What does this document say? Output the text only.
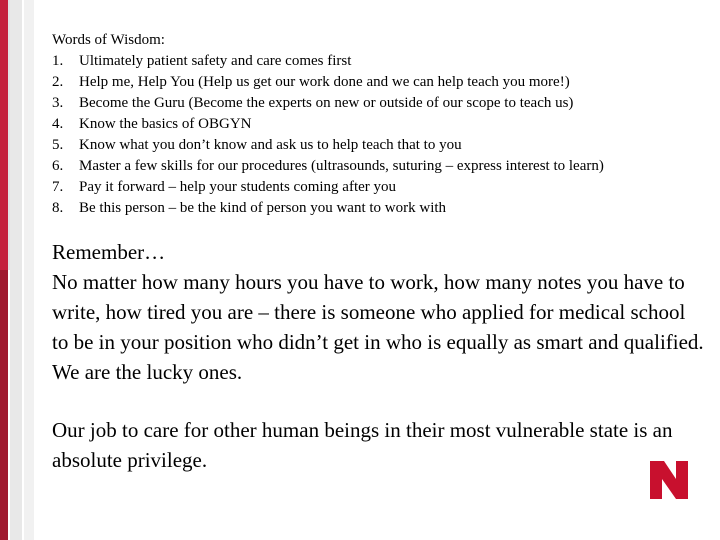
Words of Wisdom:
1.	Ultimately patient safety and care comes first
2.	Help me, Help You (Help us get our work done and we can help teach you more!)
3.	Become the Guru (Become the experts on new or outside of our scope to teach us)
4.	Know the basics of OBGYN
5.	Know what you don’t know and ask us to help teach that to you
6.	Master a few skills for our procedures (ultrasounds, suturing – express interest to learn)
7.	Pay it forward – help your students coming after you
8.	Be this person – be the kind of person you want to work with
Remember…
No matter how many hours you have to work, how many notes you have to write, how tired you are – there is someone who applied for medical school to be in your position who didn’t get in who is equally as smart and qualified. We are the lucky ones.
Our job to care for other human beings in their most vulnerable state is an absolute privilege.
